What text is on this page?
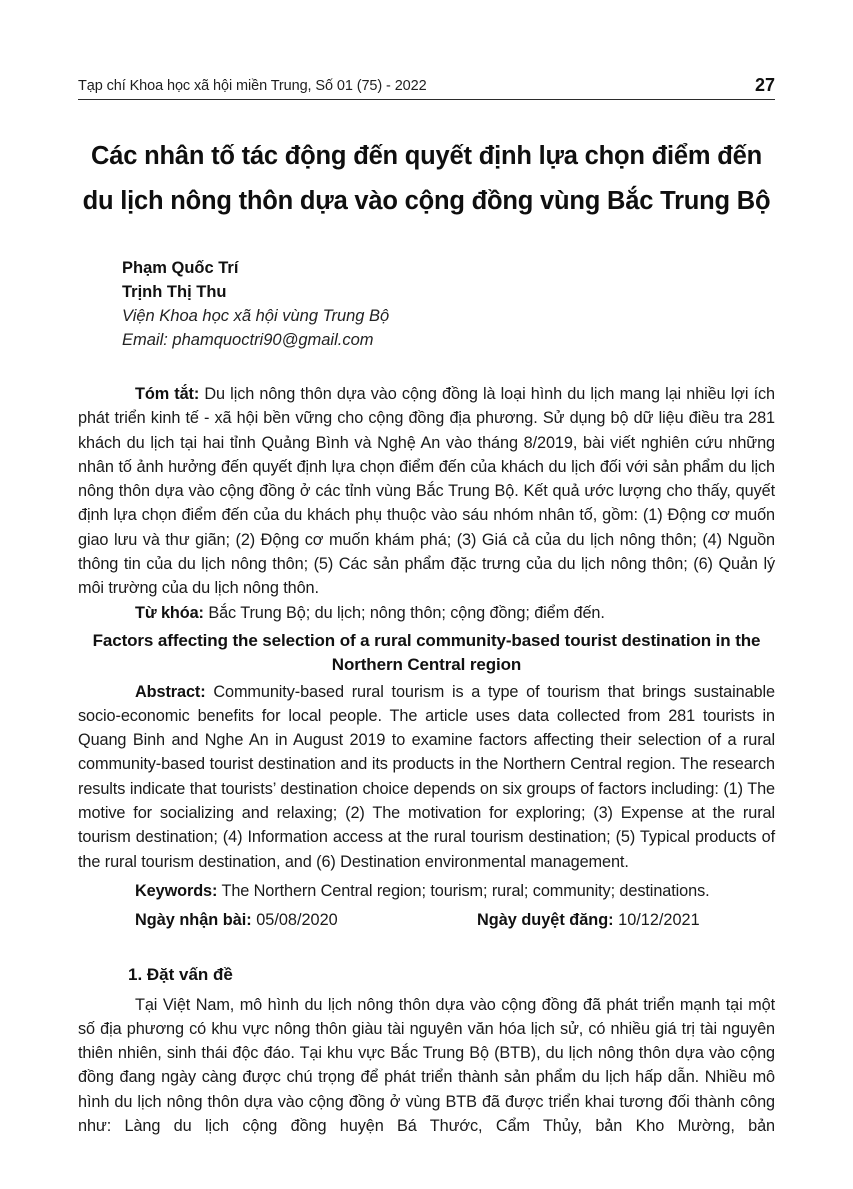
Tạp chí Khoa học xã hội miền Trung, Số 01 (75) - 2022	27
Các nhân tố tác động đến quyết định lựa chọn điểm đến
du lịch nông thôn dựa vào cộng đồng vùng Bắc Trung Bộ
Phạm Quốc Trí
Trịnh Thị Thu
Viện Khoa học xã hội vùng Trung Bộ
Email: phamquoctri90@gmail.com

Tóm tắt: Du lịch nông thôn dựa vào cộng đồng là loại hình du lịch mang lại nhiều lợi ích phát triển kinh tế - xã hội bền vững cho cộng đồng địa phương. Sử dụng bộ dữ liệu điều tra 281 khách du lịch tại hai tỉnh Quảng Bình và Nghệ An vào tháng 8/2019, bài viết nghiên cứu những nhân tố ảnh hưởng đến quyết định lựa chọn điểm đến của khách du lịch đối với sản phẩm du lịch nông thôn dựa vào cộng đồng ở các tỉnh vùng Bắc Trung Bộ. Kết quả ước lượng cho thấy, quyết định lựa chọn điểm đến của du khách phụ thuộc vào sáu nhóm nhân tố, gồm: (1) Động cơ muốn giao lưu và thư giãn; (2) Động cơ muốn khám phá; (3) Giá cả của du lịch nông thôn; (4) Nguồn thông tin của du lịch nông thôn; (5) Các sản phẩm đặc trưng của du lịch nông thôn; (6) Quản lý môi trường của du lịch nông thôn.

Từ khóa: Bắc Trung Bộ; du lịch; nông thôn; cộng đồng; điểm đến.

Factors affecting the selection of a rural community-based tourist destination in the
Northern Central region

Abstract: Community-based rural tourism is a type of tourism that brings sustainable socio-economic benefits for local people. The article uses data collected from 281 tourists in Quang Binh and Nghe An in August 2019 to examine factors affecting their selection of a rural community-based tourist destination and its products in the Northern Central region. The research results indicate that tourists’ destination choice depends on six groups of factors including: (1) The motive for socializing and relaxing; (2) The motivation for exploring; (3) Expense at the rural tourism destination; (4) Information access at the rural tourism destination; (5) Typical products of the rural tourism destination, and (6) Destination environmental management.

Keywords: The Northern Central region; tourism; rural; community; destinations.

Ngày nhận bài: 05/08/2020	Ngày duyệt đăng: 10/12/2021
1. Đặt vấn đề

Tại Việt Nam, mô hình du lịch nông thôn dựa vào cộng đồng đã phát triển mạnh tại một số địa phương có khu vực nông thôn giàu tài nguyên văn hóa lịch sử, có nhiều giá trị tài nguyên thiên nhiên, sinh thái độc đáo. Tại khu vực Bắc Trung Bộ (BTB), du lịch nông thôn dựa vào cộng đồng đang ngày càng được chú trọng để phát triển thành sản phẩm du lịch hấp dẫn. Nhiều mô hình du lịch nông thôn dựa vào cộng đồng ở vùng BTB đã được triển khai tương đối thành công như: Làng du lịch cộng đồng huyện Bá Thước, Cẩm Thủy, bản Kho Mường, bản
